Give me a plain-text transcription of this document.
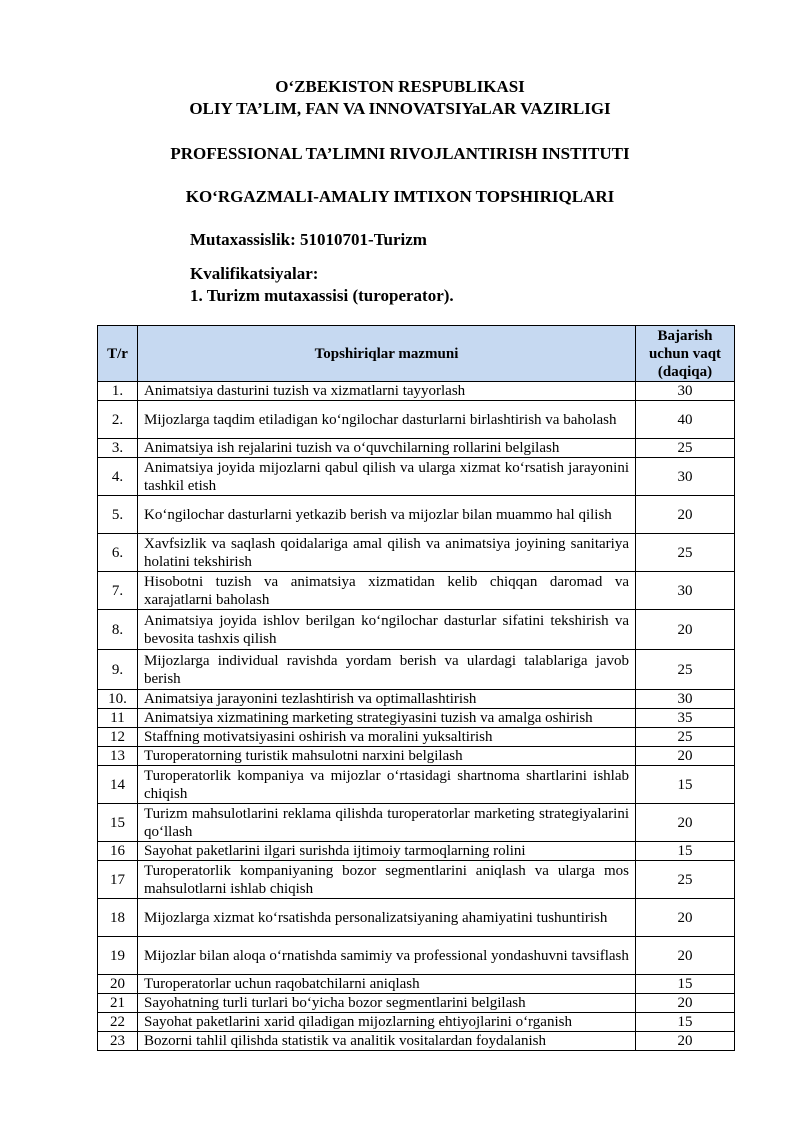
O‘ZBEKISTON RESPUBLIKASI
OLIY TA’LIM, FAN VA INNOVATSIYaLAR VAZIRLIGI
PROFESSIONAL TA’LIMNI RIVOJLANTIRISH INSTITUTI
KO‘RGAZMALI-AMALIY IMTIXON TOPSHIRIQLARI
Mutaxassislik: 51010701-Turizm
Kvalifikatsiyalar:
1. Turizm mutaxassisi (turoperator).
T/r	Topshiriqlar mazmuni	Bajarish uchun vaqt (daqiqa)
1.	Animatsiya dasturini tuzish va xizmatlarni tayyorlash	30
2.	Mijozlarga taqdim etiladigan ko‘ngilochar dasturlarni birlashtirish va baholash	40
3.	Animatsiya ish rejalarini tuzish va o‘quvchilarning rollarini belgilash	25
4.	Animatsiya joyida mijozlarni qabul qilish va ularga xizmat ko‘rsatish jarayonini tashkil etish	30
5.	Ko‘ngilochar dasturlarni yetkazib berish va mijozlar bilan muammo hal qilish	20
6.	Xavfsizlik va saqlash qoidalariga amal qilish va animatsiya joyining sanitariya holatini tekshirish	25
7.	Hisobotni tuzish va animatsiya xizmatidan kelib chiqqan daromad va xarajatlarni baholash	30
8.	Animatsiya joyida ishlov berilgan ko‘ngilochar dasturlar sifatini tekshirish va bevosita tashxis qilish	20
9.	Mijozlarga individual ravishda yordam berish va ulardagi talablariga javob berish	25
10.	Animatsiya jarayonini tezlashtirish va optimallashtirish	30
11	Animatsiya xizmatining marketing strategiyasini tuzish va amalga oshirish	35
12	Staffning motivatsiyasini oshirish va moralini yuksaltirish	25
13	Turoperatorning turistik mahsulotni narxini belgilash	20
14	Turoperatorlik kompaniya va mijozlar o‘rtasidagi shartnoma shartlarini ishlab chiqish	15
15	Turizm mahsulotlarini reklama qilishda turoperatorlar marketing strategiyalarini qo‘llash	20
16	Sayohat paketlarini ilgari surishda ijtimoiy tarmoqlarning rolini	15
17	Turoperatorlik kompaniyaning bozor segmentlarini aniqlash va ularga mos mahsulotlarni ishlab chiqish	25
18	Mijozlarga xizmat ko‘rsatishda personalizatsiyaning ahamiyatini tushuntirish	20
19	Mijozlar bilan aloqa o‘rnatishda samimiy va professional yondashuvni tavsiflash	20
20	Turoperatorlar uchun raqobatchilarni aniqlash	15
21	Sayohatning turli turlari bo‘yicha bozor segmentlarini belgilash	20
22	Sayohat paketlarini xarid qiladigan mijozlarning ehtiyojlarini o‘rganish	15
23	Bozorni tahlil qilishda statistik va analitik vositalardan foydalanish	20
